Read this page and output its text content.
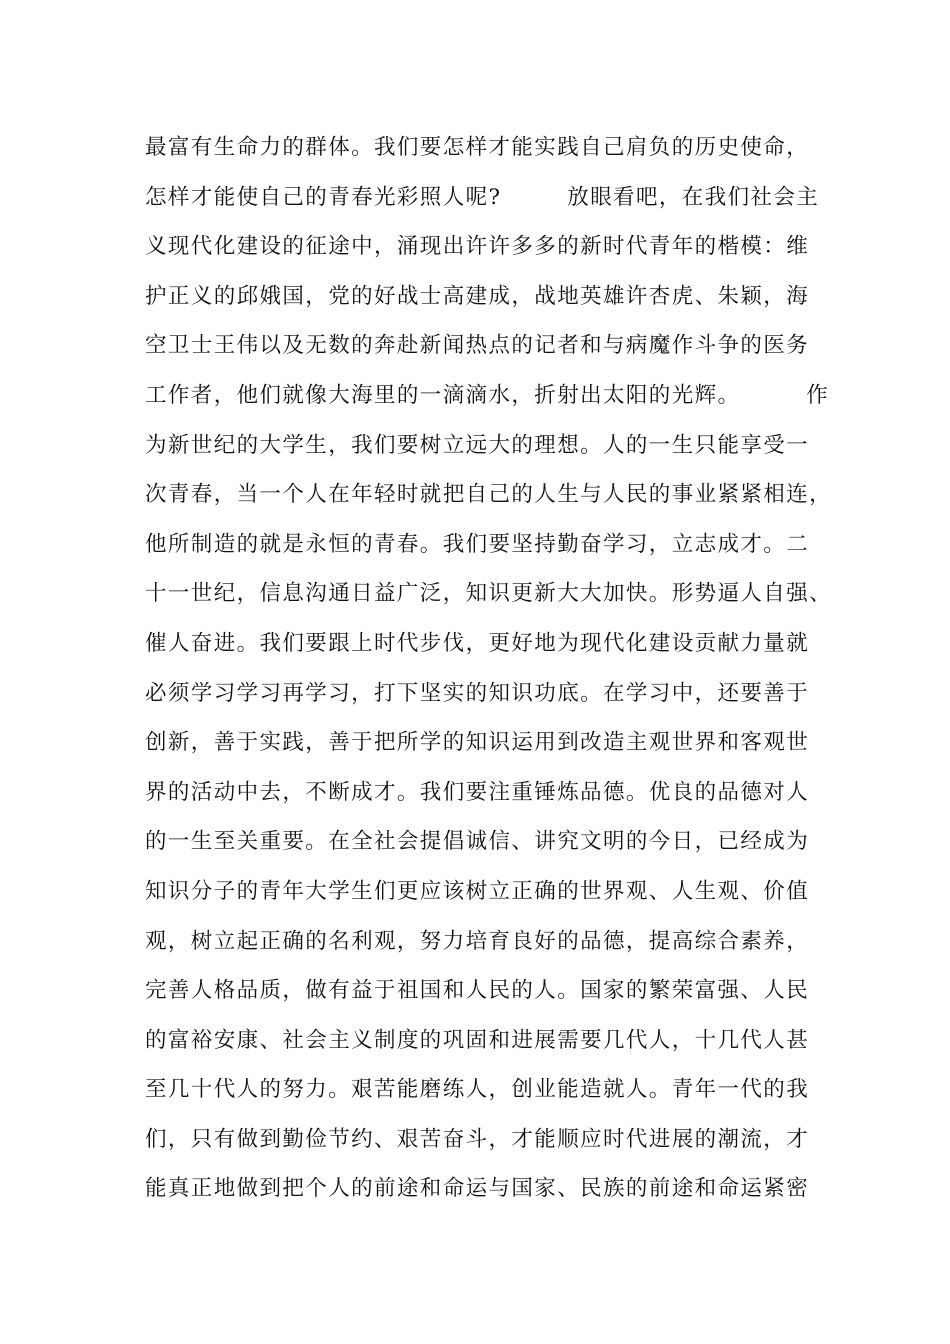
最富有生命力的群体。我们要怎样才能实践自己肩负的历史使命，
怎样才能使自己的青春光彩照人呢?        放眼看吧，在我们社会主
义现代化建设的征途中，涌现出许许多多的新时代青年的楷模：维
护正义的邱娥国，党的好战士高建成，战地英雄许杏虎、朱颖，海
空卫士王伟以及无数的奔赴新闻热点的记者和与病魔作斗争的医务
工作者，他们就像大海里的一滴滴水，折射出太阳的光辉。        作
为新世纪的大学生，我们要树立远大的理想。人的一生只能享受一
次青春，当一个人在年轻时就把自己的人生与人民的事业紧紧相连，
他所制造的就是永恒的青春。我们要坚持勤奋学习，立志成才。二
十一世纪，信息沟通日益广泛，知识更新大大加快。形势逼人自强、
催人奋进。我们要跟上时代步伐，更好地为现代化建设贡献力量就
必须学习学习再学习，打下坚实的知识功底。在学习中，还要善于
创新，善于实践，善于把所学的知识运用到改造主观世界和客观世
界的活动中去，不断成才。我们要注重锤炼品德。优良的品德对人
的一生至关重要。在全社会提倡诚信、讲究文明的今日，已经成为
知识分子的青年大学生们更应该树立正确的世界观、人生观、价值
观，树立起正确的名利观，努力培育良好的品德，提高综合素养，
完善人格品质，做有益于祖国和人民的人。国家的繁荣富强、人民
的富裕安康、社会主义制度的巩固和进展需要几代人，十几代人甚
至几十代人的努力。艰苦能磨练人，创业能造就人。青年一代的我
们，只有做到勤俭节约、艰苦奋斗，才能顺应时代进展的潮流，才
能真正地做到把个人的前途和命运与国家、民族的前途和命运紧密
